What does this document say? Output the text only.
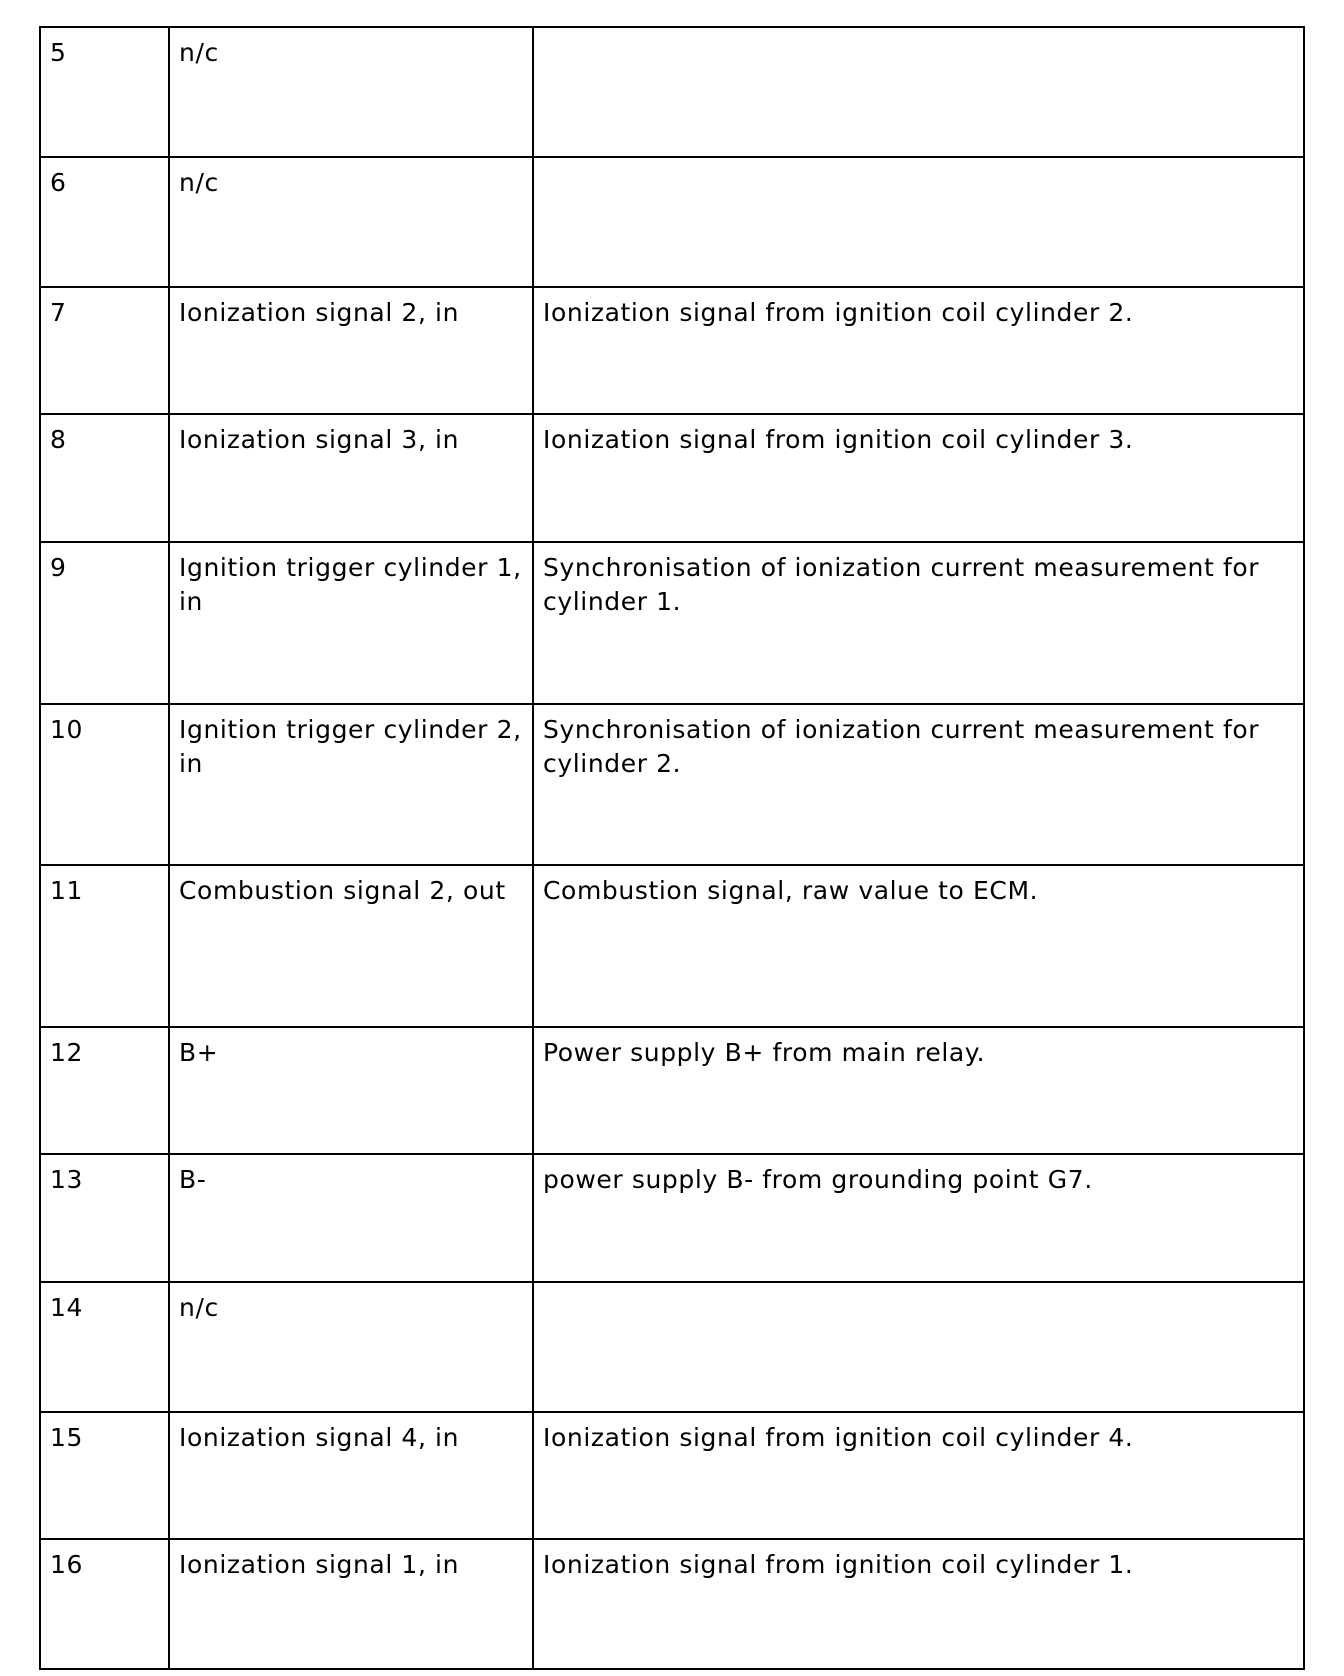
5	n/c	
6	n/c	
7	Ionization signal 2, in	Ionization signal from ignition coil cylinder 2.
8	Ionization signal 3, in	Ionization signal from ignition coil cylinder 3.
9	Ignition trigger cylinder 1, in	Synchronisation of ionization current measurement for cylinder 1.
10	Ignition trigger cylinder 2, in	Synchronisation of ionization current measurement for cylinder 2.
11	Combustion signal 2, out	Combustion signal, raw value to ECM.
12	B+	Power supply B+ from main relay.
13	B-	power supply B- from grounding point G7.
14	n/c	
15	Ionization signal 4, in	Ionization signal from ignition coil cylinder 4.
16	Ionization signal 1, in	Ionization signal from ignition coil cylinder 1.
